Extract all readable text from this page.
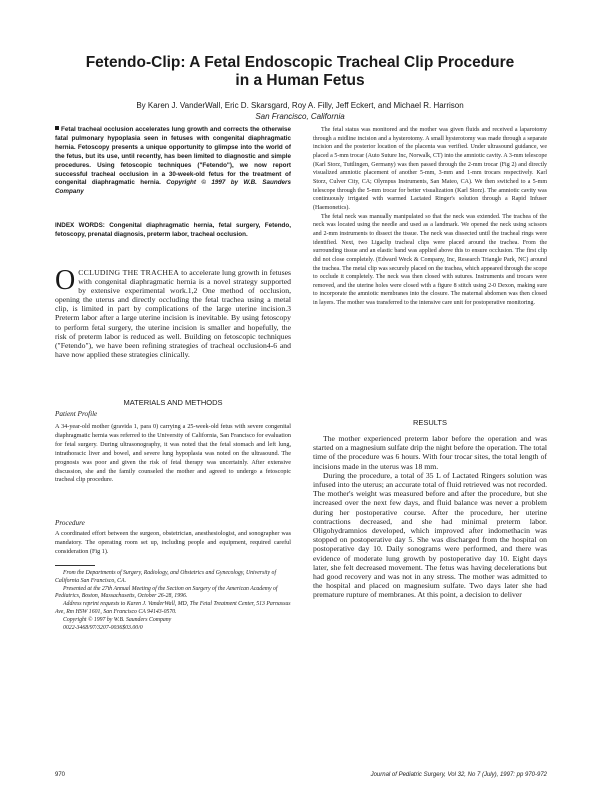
Fetendo-Clip: A Fetal Endoscopic Tracheal Clip Procedure
in a Human Fetus
By Karen J. VanderWall, Eric D. Skarsgard, Roy A. Filly, Jeff Eckert, and Michael R. Harrison
San Francisco, California
Fetal tracheal occlusion accelerates lung growth and corrects the otherwise fatal pulmonary hypoplasia seen in fetuses with congenital diaphragmatic hernia. Fetoscopy presents a unique opportunity to glimpse into the world of the fetus, but its use, until recently, has been limited to diagnostic and simple procedures. Using fetoscopic techniques ("Fetendo"), we now report successful tracheal occlusion in a 30-week-old fetus for the treatment of congenital diaphragmatic hernia. Copyright © 1997 by W.B. Saunders Company
INDEX WORDS: Congenital diaphragmatic hernia, fetal surgery, Fetendo, fetoscopy, prenatal diagnosis, preterm labor, tracheal occlusion.
OCCLUDING THE TRACHEA to accelerate lung growth in fetuses with congenital diaphragmatic hernia is a novel strategy supported by extensive experimental work.1,2 One method of occlusion, opening the uterus and directly occluding the fetal trachea using a metal clip, is limited in part by complications of the large uterine incision.3 Preterm labor after a large uterine incision is inevitable. By using fetoscopy to perform fetal surgery, the uterine incision is smaller and hopefully, the risk of preterm labor is reduced as well. Building on fetoscopic techniques ("Fetendo"), we have been refining strategies of tracheal occlusion4-6 and have now applied these strategies clinically.
MATERIALS AND METHODS
Patient Profile
A 34-year-old mother (gravida 1, para 0) carrying a 25-week-old fetus with severe congenital diaphragmatic hernia was referred to the University of California, San Francisco for evaluation for fetal surgery. During ultrasonography, it was noted that the fetal stomach and left lung, intrathoracic liver and bowel, and severe lung hypoplasia was noted on the ultrasound. The prognosis was poor and given the risk of fetal therapy was uncertainly. After extensive discussion, she and the family counseled the mother and agreed to undergo a fetoscopic tracheal clip procedure.
Procedure
A coordinated effort between the surgeon, obstetrician, anesthesiologist, and sonographer was mandatory. The operating room set up, including people and equipment, required careful consideration (Fig 1).
From the Departments of Surgery, Radiology, and Obstetrics and Gynecology, University of California San Francisco, CA.
Presented at the 27th Annual Meeting of the Section on Surgery of the American Academy of Pediatrics, Boston, Massachusetts, October 26-28, 1996.
Address reprint requests to Karen J. VanderWall, MD, The Fetal Treatment Center, 513 Parnassus Ave, Rm HSW 1601, San Francisco CA 94143-0570.
Copyright © 1997 by W.B. Saunders Company
0022-3468/97/3207-0036$03.00/0

The fetal status was monitored and the mother was given fluids and received a laparotomy through a midline incision and a hysterotomy. A small hysterotomy was made through a separate incision and the posterior location of the placenta was verified. Under ultrasound guidance, we placed a 5-mm trocar (Auto Suture Inc, Norwalk, CT) into the amniotic cavity. A 3-mm telescope (Karl Storz, Tuttlingen, Germany) was then passed through the 2-mm trocar (Fig 2) and directly visualized amniotic placement of another 5-mm, 3-mm and 1-mm trocars respectively. Karl Storz, Culver City, CA; Olympus Instruments, San Mateo, CA). We then switched to a 5-mm telescope through the 5-mm trocar for better visualization (Karl Storz). The amniotic cavity was continuously irrigated with warmed Lactated Ringer's solution through a Rapid Infuser (Haemonetics).

The fetal neck was manually manipulated so that the neck was extended. The trachea of the neck was located using the needle and used as a landmark. We opened the neck using scissors and 2-mm instruments to dissect the tissue. The neck was dissected until the tracheal rings were identified. Next, two Ligaclip tracheal clips were placed around the trachea. From the surrounding tissue and an elastic band was applied above this to ensure occlusion. The first clip did not close completely. (Edward Weck & Company, Inc, Research Triangle Park, NC) around the trachea. The metal clip was securely placed on the trachea, which appeared through the scope to occlude it completely. The neck was then closed with sutures. Instruments and trocars were removed, and the uterine holes were closed with a figure 8 stitch using 2-0 Dexon, making sure to incorporate the amniotic membranes into the closure. The maternal abdomen was then closed in layers. The mother was transferred to the intensive care unit for postoperative monitoring.

RESULTS

The mother experienced preterm labor before the operation and was started on a magnesium sulfate drip the night before the operation. The total time of the procedure was 6 hours. With four trocar sites, the total length of incisions made in the uterus was 18 mm.

During the procedure, a total of 35 L of Lactated Ringers solution was infused into the uterus; an accurate total of fluid retrieved was not recorded. The mother's weight was measured before and after the procedure, but she increased over the next few days, and fluid balance was never a problem during her postoperative course. After the procedure, her uterine contractions decreased, and she had minimal preterm labor. Oligohydramnios developed, which improved after indomethacin was stopped on postoperative day 5. She was discharged from the hospital on postoperative day 10. Daily sonograms were performed, and there was evidence of moderate lung growth by postoperative day 10. Eight days later, she felt decreased movement. The fetus was having decelerations but had good recovery and was not in any stress. The mother was admitted to the hospital and placed on magnesium sulfate. Two days later she had premature rupture of membranes. At this point, a decision to deliver

970	Journal of Pediatric Surgery, Vol 32, No 7 (July), 1997: pp 970-972
